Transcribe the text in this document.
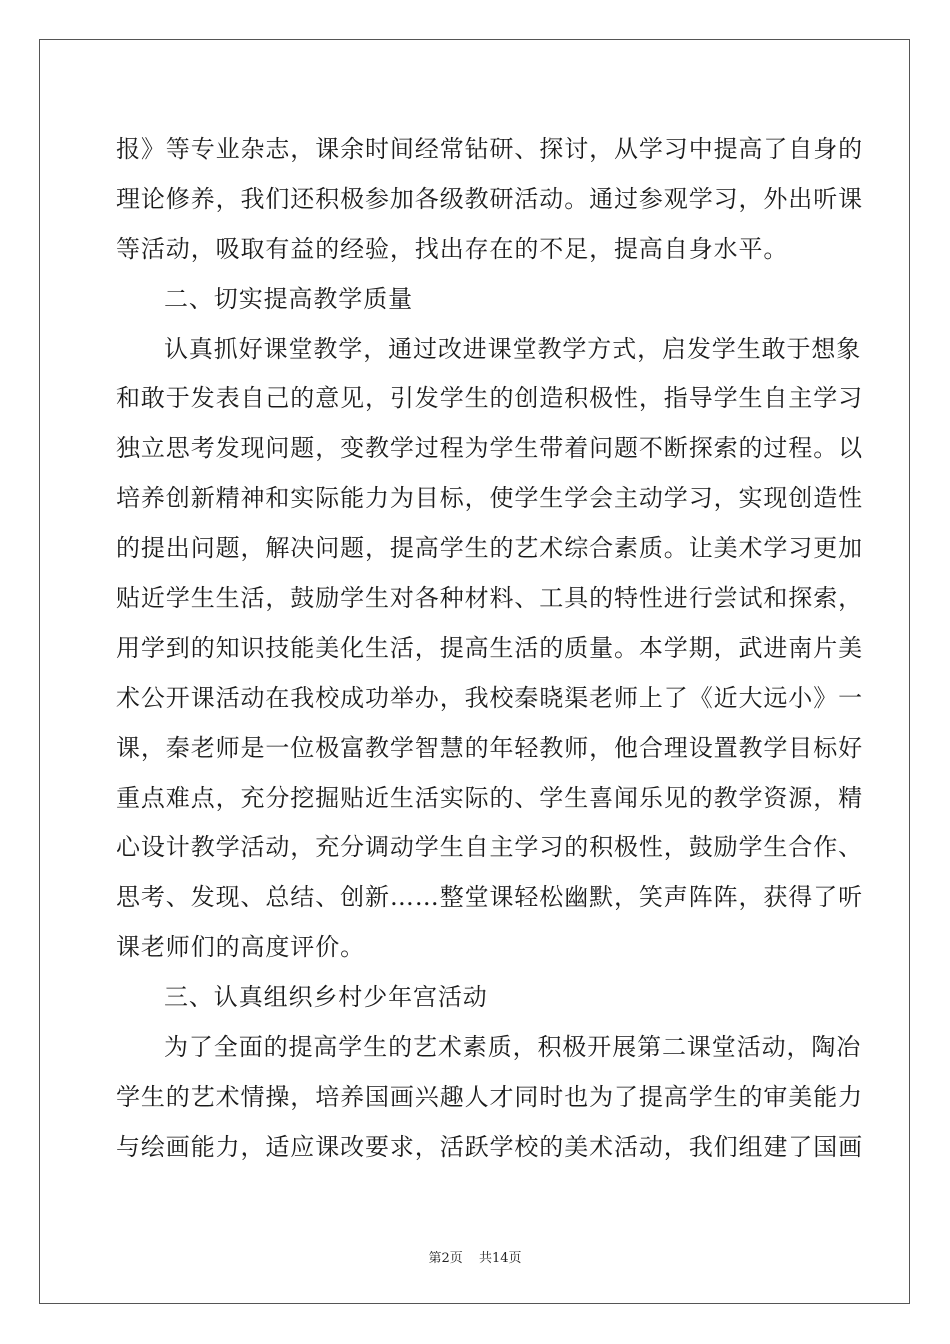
报》等专业杂志，课余时间经常钻研、探讨，从学习中提高了自身的
理论修养，我们还积极参加各级教研活动。通过参观学习，外出听课
等活动，吸取有益的经验，找出存在的不足，提高自身水平。
二、切实提高教学质量
认真抓好课堂教学，通过改进课堂教学方式，启发学生敢于想象
和敢于发表自己的意见，引发学生的创造积极性，指导学生自主学习
独立思考发现问题，变教学过程为学生带着问题不断探索的过程。以
培养创新精神和实际能力为目标，使学生学会主动学习，实现创造性
的提出问题，解决问题，提高学生的艺术综合素质。让美术学习更加
贴近学生生活，鼓励学生对各种材料、工具的特性进行尝试和探索，
用学到的知识技能美化生活，提高生活的质量。本学期，武进南片美
术公开课活动在我校成功举办，我校秦晓渠老师上了《近大远小》一
课，秦老师是一位极富教学智慧的年轻教师，他合理设置教学目标好
重点难点，充分挖掘贴近生活实际的、学生喜闻乐见的教学资源，精
心设计教学活动，充分调动学生自主学习的积极性，鼓励学生合作、
思考、发现、总结、创新……整堂课轻松幽默，笑声阵阵，获得了听
课老师们的高度评价。
三、认真组织乡村少年宫活动
为了全面的提高学生的艺术素质，积极开展第二课堂活动，陶冶
学生的艺术情操，培养国画兴趣人才同时也为了提高学生的审美能力
与绘画能力，适应课改要求，活跃学校的美术活动，我们组建了国画
第2页 共14页
